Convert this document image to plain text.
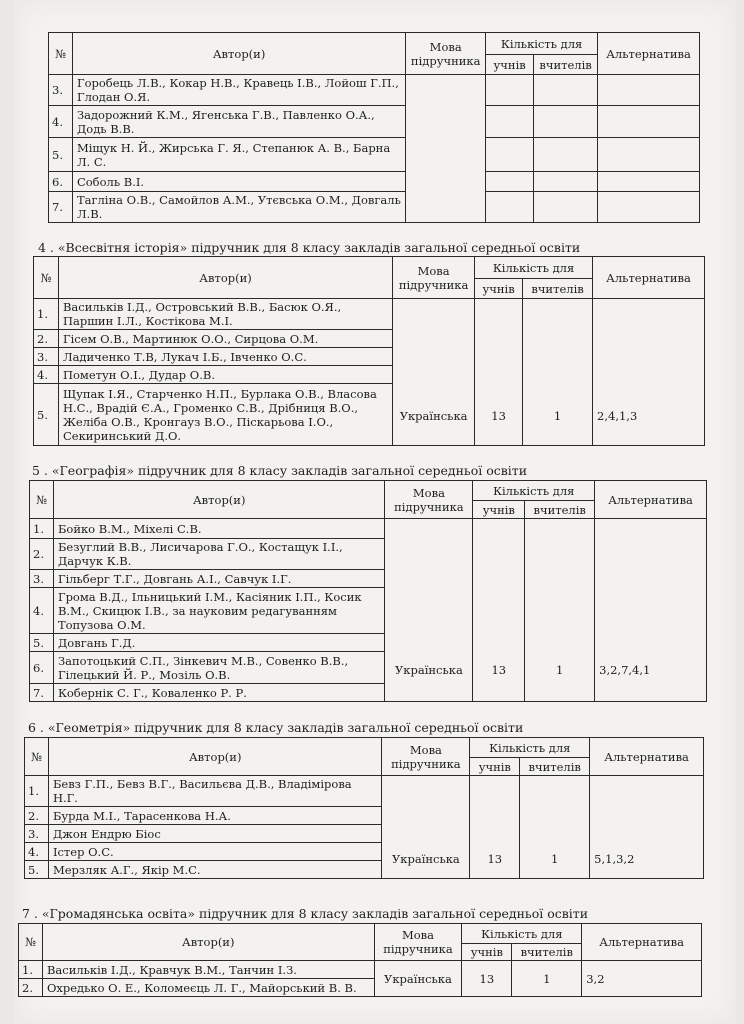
№	Автор(и)	Мова підручника	Кількість для		Альтернатива
			учнів	вчителів	
3.	Горобець Л.В., Кокар Н.В., Кравець І.В., Лойош Г.П., Глодан О.Я.				
4.	Задорожний К.М., Ягенська Г.В., Павленко О.А., Додь В.В.				
5.	Міщук Н. Й., Жирська Г. Я., Степанюк А. В., Барна Л. С.				
6.	Соболь В.І.				
7.	Тагліна О.В., Самойлов А.М., Утєвська О.М., Довгаль Л.В.				
4 . «Всесвітня історія» підручник для 8 класу закладів загальної середньої освіти
№	Автор(и)	Мова підручника	Кількість для		Альтернатива
			учнів	вчителів	
1.	Васильків І.Д., Островський В.В., Басюк О.Я., Паршин І.Л., Костікова М.І.	Українська	13	1	2,4,1,3
2.	Гісем О.В., Мартинюк О.О., Сирцова О.М.				
3.	Ладиченко Т.В, Лукач І.Б., Івченко О.С.				
4.	Пометун О.І., Дудар О.В.				
5.	Щупак І.Я., Старченко Н.П., Бурлака О.В., Власова Н.С., Врадій Є.А., Громенко С.В., Дрібниця В.О., Желіба О.В., Кронгауз В.О., Піскарьова І.О., Секиринський Д.О.				
5 . «Географія» підручник для 8 класу закладів загальної середньої освіти
№	Автор(и)	Мова підручника	Кількість для		Альтернатива
			учнів	вчителів	
1.	Бойко В.М., Міхелі С.В.	Українська	13	1	3,2,7,4,1
2.	Безуглий В.В., Лисичарова Г.О., Костащук І.І., Дарчук К.В.				
3.	Гільберг Т.Г., Довгань А.І., Савчук І.Г.				
4.	Грома В.Д., Ільницький І.М., Касіяник І.П., Косик В.М., Скицюк І.В., за науковим редагуванням Топузова О.М.				
5.	Довгань Г.Д.				
6.	Запотоцький С.П., Зінкевич М.В., Совенко В.В., Гілецький Й. Р., Мозіль О.В.				
7.	Кобернік С. Г., Коваленко Р. Р.				
6 . «Геометрія» підручник для 8 класу закладів загальної середньої освіти
№	Автор(и)	Мова підручника	Кількість для		Альтернатива
			учнів	вчителів	
1.	Бевз Г.П., Бевз В.Г., Васильєва Д.В., Владімірова Н.Г.	Українська	13	1	5,1,3,2
2.	Бурда М.І., Тарасенкова Н.А.				
3.	Джон Ендрю Біос				
4.	Істер О.С.				
5.	Мерзляк А.Г., Якір М.С.				
7 . «Громадянська освіта» підручник для 8 класу закладів загальної середньої освіти
№	Автор(и)	Мова підручника	Кількість для		Альтернатива
			учнів	вчителів	
1.	Васильків І.Д., Кравчук В.М., Танчин І.З.	Українська	13	1	3,2
2.	Охредько О. Е., Коломеєць Л. Г., Майорський В. В.				
